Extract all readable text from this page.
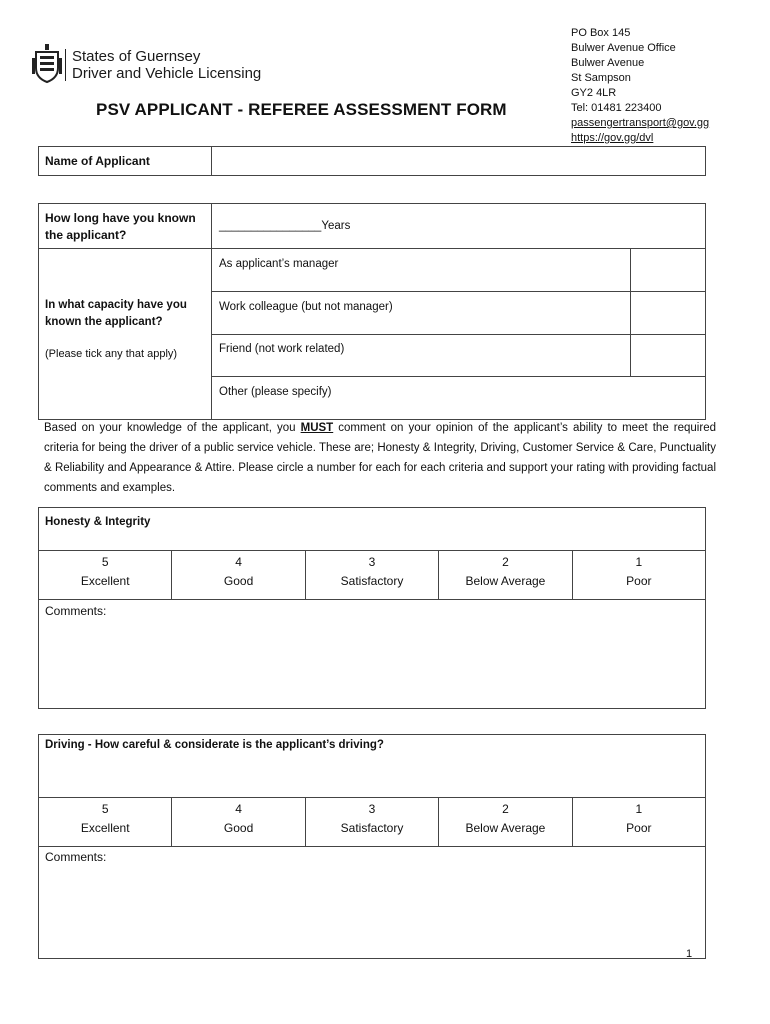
States of Guernsey
Driver and Vehicle Licensing
PO Box 145
Bulwer Avenue Office
Bulwer Avenue
St Sampson
GY2 4LR
Tel: 01481 223400
passengertransport@gov.gg
https://gov.gg/dvl
PSV APPLICANT - REFEREE ASSESSMENT FORM
Name of Applicant
How long have you known the applicant?
________________Years
In what capacity have you known the applicant?
(Please tick any that apply)
As applicant’s manager
Work colleague (but not manager)
Friend (not work related)
Other (please specify)
Based on your knowledge of the applicant, you MUST comment on your opinion of the applicant’s ability to meet the required criteria for being the driver of a public service vehicle. These are; Honesty & Integrity, Driving, Customer Service & Care, Punctuality & Reliability and Appearance & Attire. Please circle a number for each for each criteria and support your rating with providing factual comments and examples.
Honesty & Integrity
5
Excellent
4
Good
3
Satisfactory
2
Below Average
1
Poor
Comments:
Driving - How careful & considerate is the applicant’s driving?
5
Excellent
4
Good
3
Satisfactory
2
Below Average
1
Poor
Comments:
1
